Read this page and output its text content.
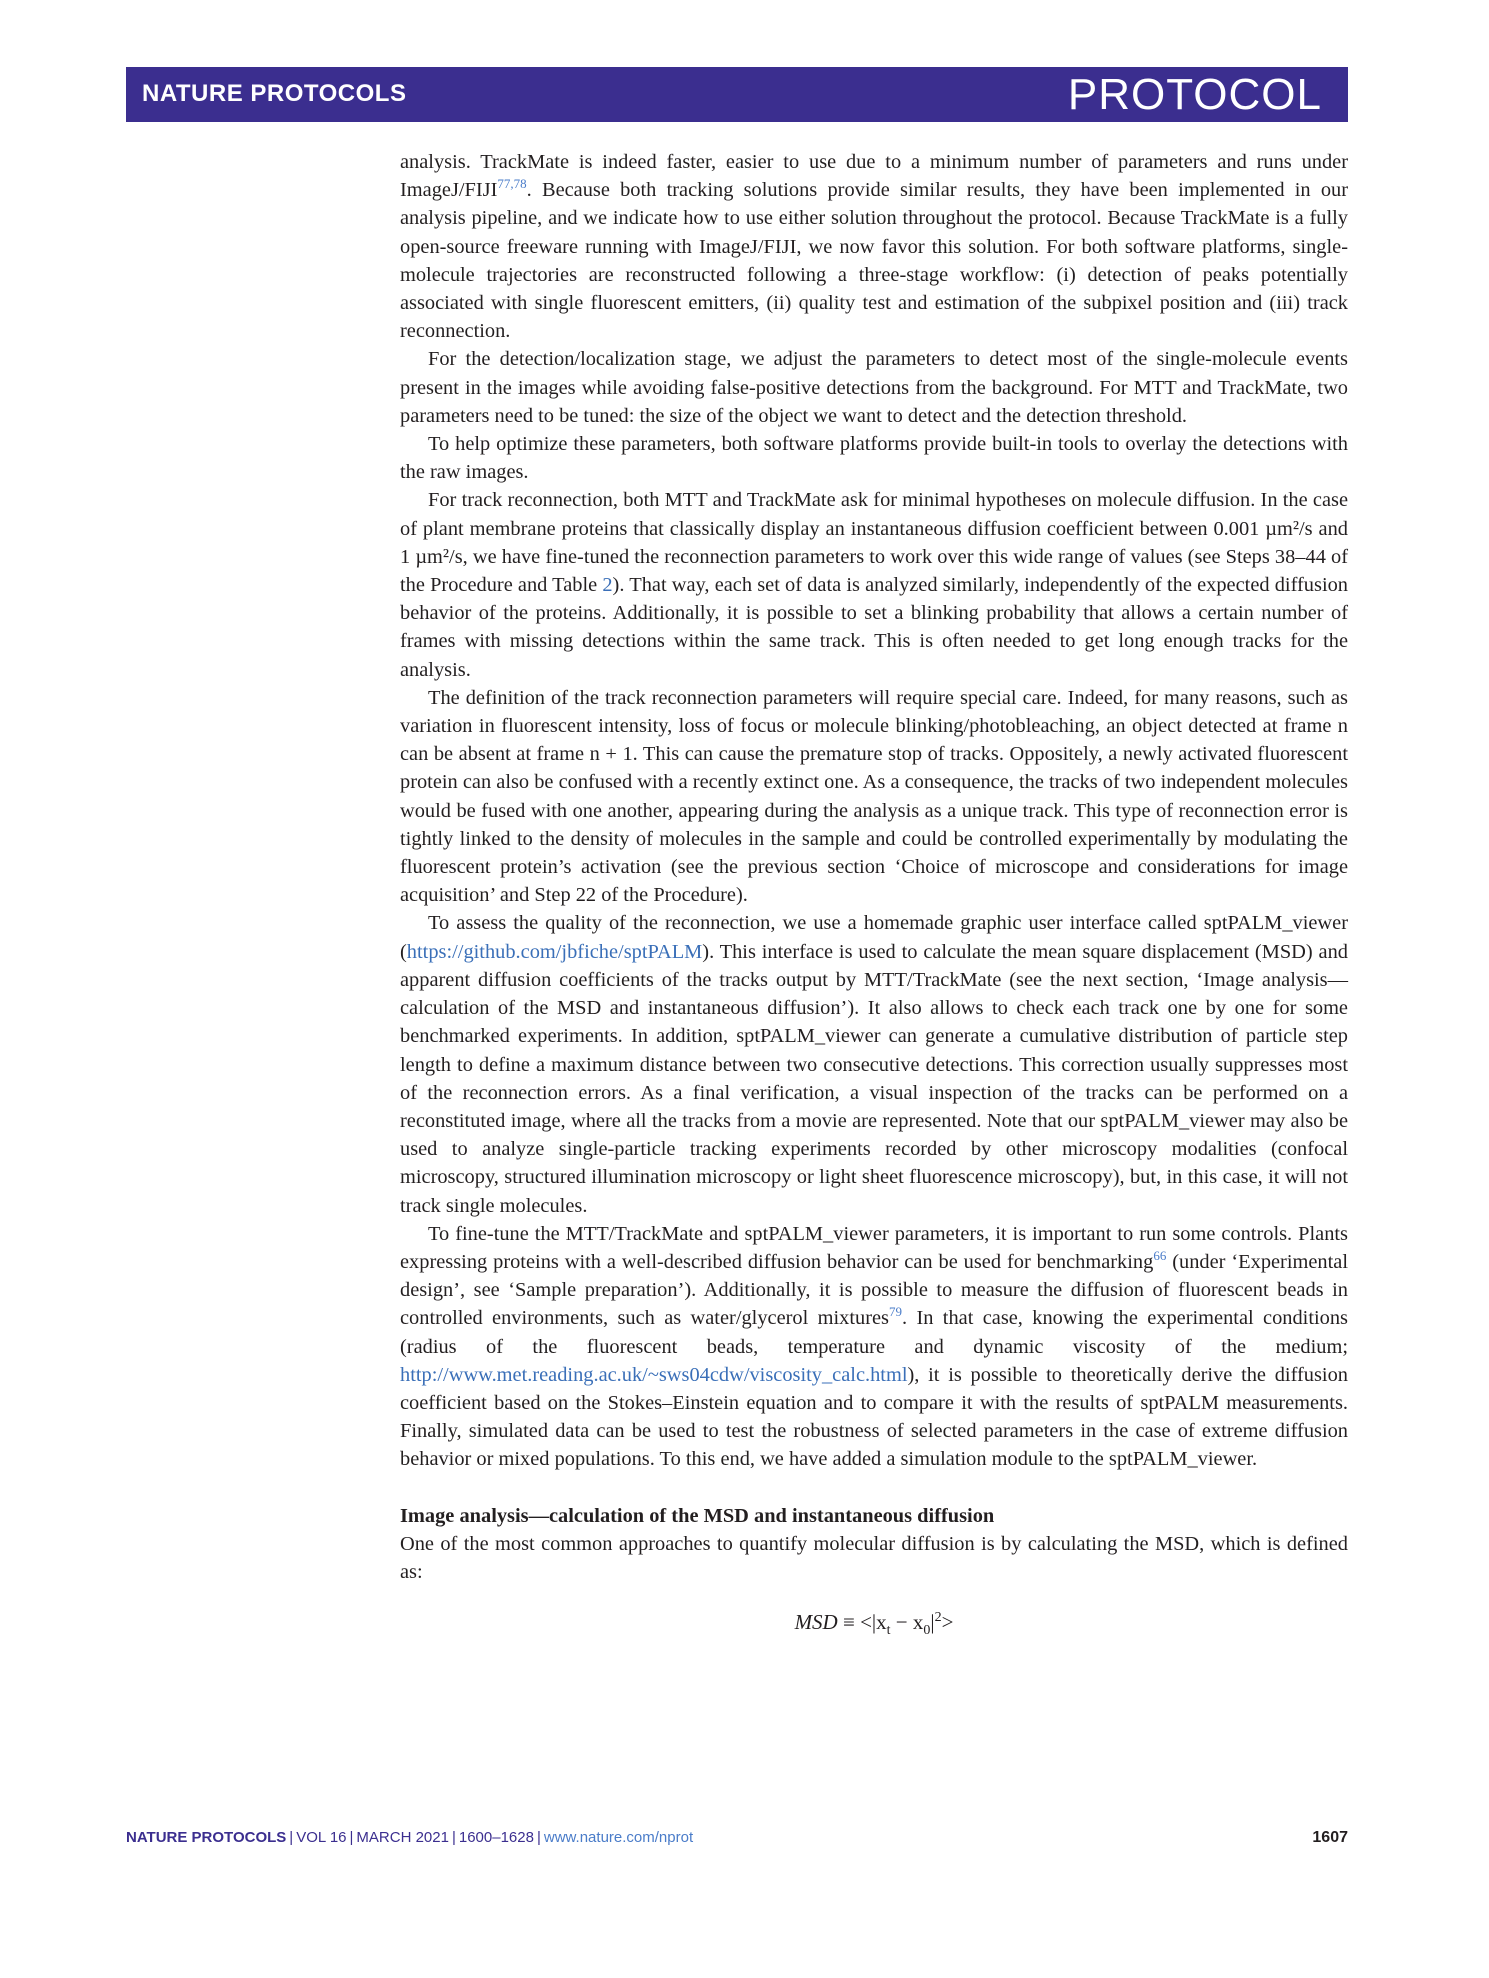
NATURE PROTOCOLS	PROTOCOL

analysis. TrackMate is indeed faster, easier to use due to a minimum number of parameters and runs under ImageJ/FIJI$^{77,78}$. Because both tracking solutions provide similar results, they have been implemented in our analysis pipeline, and we indicate how to use either solution throughout the protocol. Because TrackMate is a fully open-source freeware running with ImageJ/FIJI, we now favor this solution. For both software platforms, single-molecule trajectories are reconstructed following a three-stage workflow: (i) detection of peaks potentially associated with single fluorescent emitters, (ii) quality test and estimation of the subpixel position and (iii) track reconnection.

For the detection/localization stage, we adjust the parameters to detect most of the single-molecule events present in the images while avoiding false-positive detections from the background. For MTT and TrackMate, two parameters need to be tuned: the size of the object we want to detect and the detection threshold.

To help optimize these parameters, both software platforms provide built-in tools to overlay the detections with the raw images.

For track reconnection, both MTT and TrackMate ask for minimal hypotheses on molecule diffusion. In the case of plant membrane proteins that classically display an instantaneous diffusion coefficient between 0.001 µm²/s and 1 µm²/s, we have fine-tuned the reconnection parameters to work over this wide range of values (see Steps 38–44 of the Procedure and Table 2). That way, each set of data is analyzed similarly, independently of the expected diffusion behavior of the proteins. Additionally, it is possible to set a blinking probability that allows a certain number of frames with missing detections within the same track. This is often needed to get long enough tracks for the analysis.

The definition of the track reconnection parameters will require special care. Indeed, for many reasons, such as variation in fluorescent intensity, loss of focus or molecule blinking/photobleaching, an object detected at frame n can be absent at frame n + 1. This can cause the premature stop of tracks. Oppositely, a newly activated fluorescent protein can also be confused with a recently extinct one. As a consequence, the tracks of two independent molecules would be fused with one another, appearing during the analysis as a unique track. This type of reconnection error is tightly linked to the density of molecules in the sample and could be controlled experimentally by modulating the fluorescent protein’s activation (see the previous section ‘Choice of microscope and considerations for image acquisition’ and Step 22 of the Procedure).

To assess the quality of the reconnection, we use a homemade graphic user interface called sptPALM_viewer (https://github.com/jbfiche/sptPALM). This interface is used to calculate the mean square displacement (MSD) and apparent diffusion coefficients of the tracks output by MTT/TrackMate (see the next section, ‘Image analysis—calculation of the MSD and instantaneous diffusion’). It also allows to check each track one by one for some benchmarked experiments. In addition, sptPALM_viewer can generate a cumulative distribution of particle step length to define a maximum distance between two consecutive detections. This correction usually suppresses most of the reconnection errors. As a final verification, a visual inspection of the tracks can be performed on a reconstituted image, where all the tracks from a movie are represented. Note that our sptPALM_viewer may also be used to analyze single-particle tracking experiments recorded by other microscopy modalities (confocal microscopy, structured illumination microscopy or light sheet fluorescence microscopy), but, in this case, it will not track single molecules.

To fine-tune the MTT/TrackMate and sptPALM_viewer parameters, it is important to run some controls. Plants expressing proteins with a well-described diffusion behavior can be used for benchmarking$^{66}$ (under ‘Experimental design’, see ‘Sample preparation’). Additionally, it is possible to measure the diffusion of fluorescent beads in controlled environments, such as water/glycerol mixtures$^{79}$. In that case, knowing the experimental conditions (radius of the fluorescent beads, temperature and dynamic viscosity of the medium; http://www.met.reading.ac.uk/~sws04cdw/viscosity_calc.html), it is possible to theoretically derive the diffusion coefficient based on the Stokes–Einstein equation and to compare it with the results of sptPALM measurements. Finally, simulated data can be used to test the robustness of selected parameters in the case of extreme diffusion behavior or mixed populations. To this end, we have added a simulation module to the sptPALM_viewer.

Image analysis—calculation of the MSD and instantaneous diffusion

One of the most common approaches to quantify molecular diffusion is by calculating the MSD, which is defined as:

MSD ≡ $<|x_t - x_0|^2>$

NATURE PROTOCOLS | VOL 16 | MARCH 2021 | 1600–1628 | www.nature.com/nprot	1607
